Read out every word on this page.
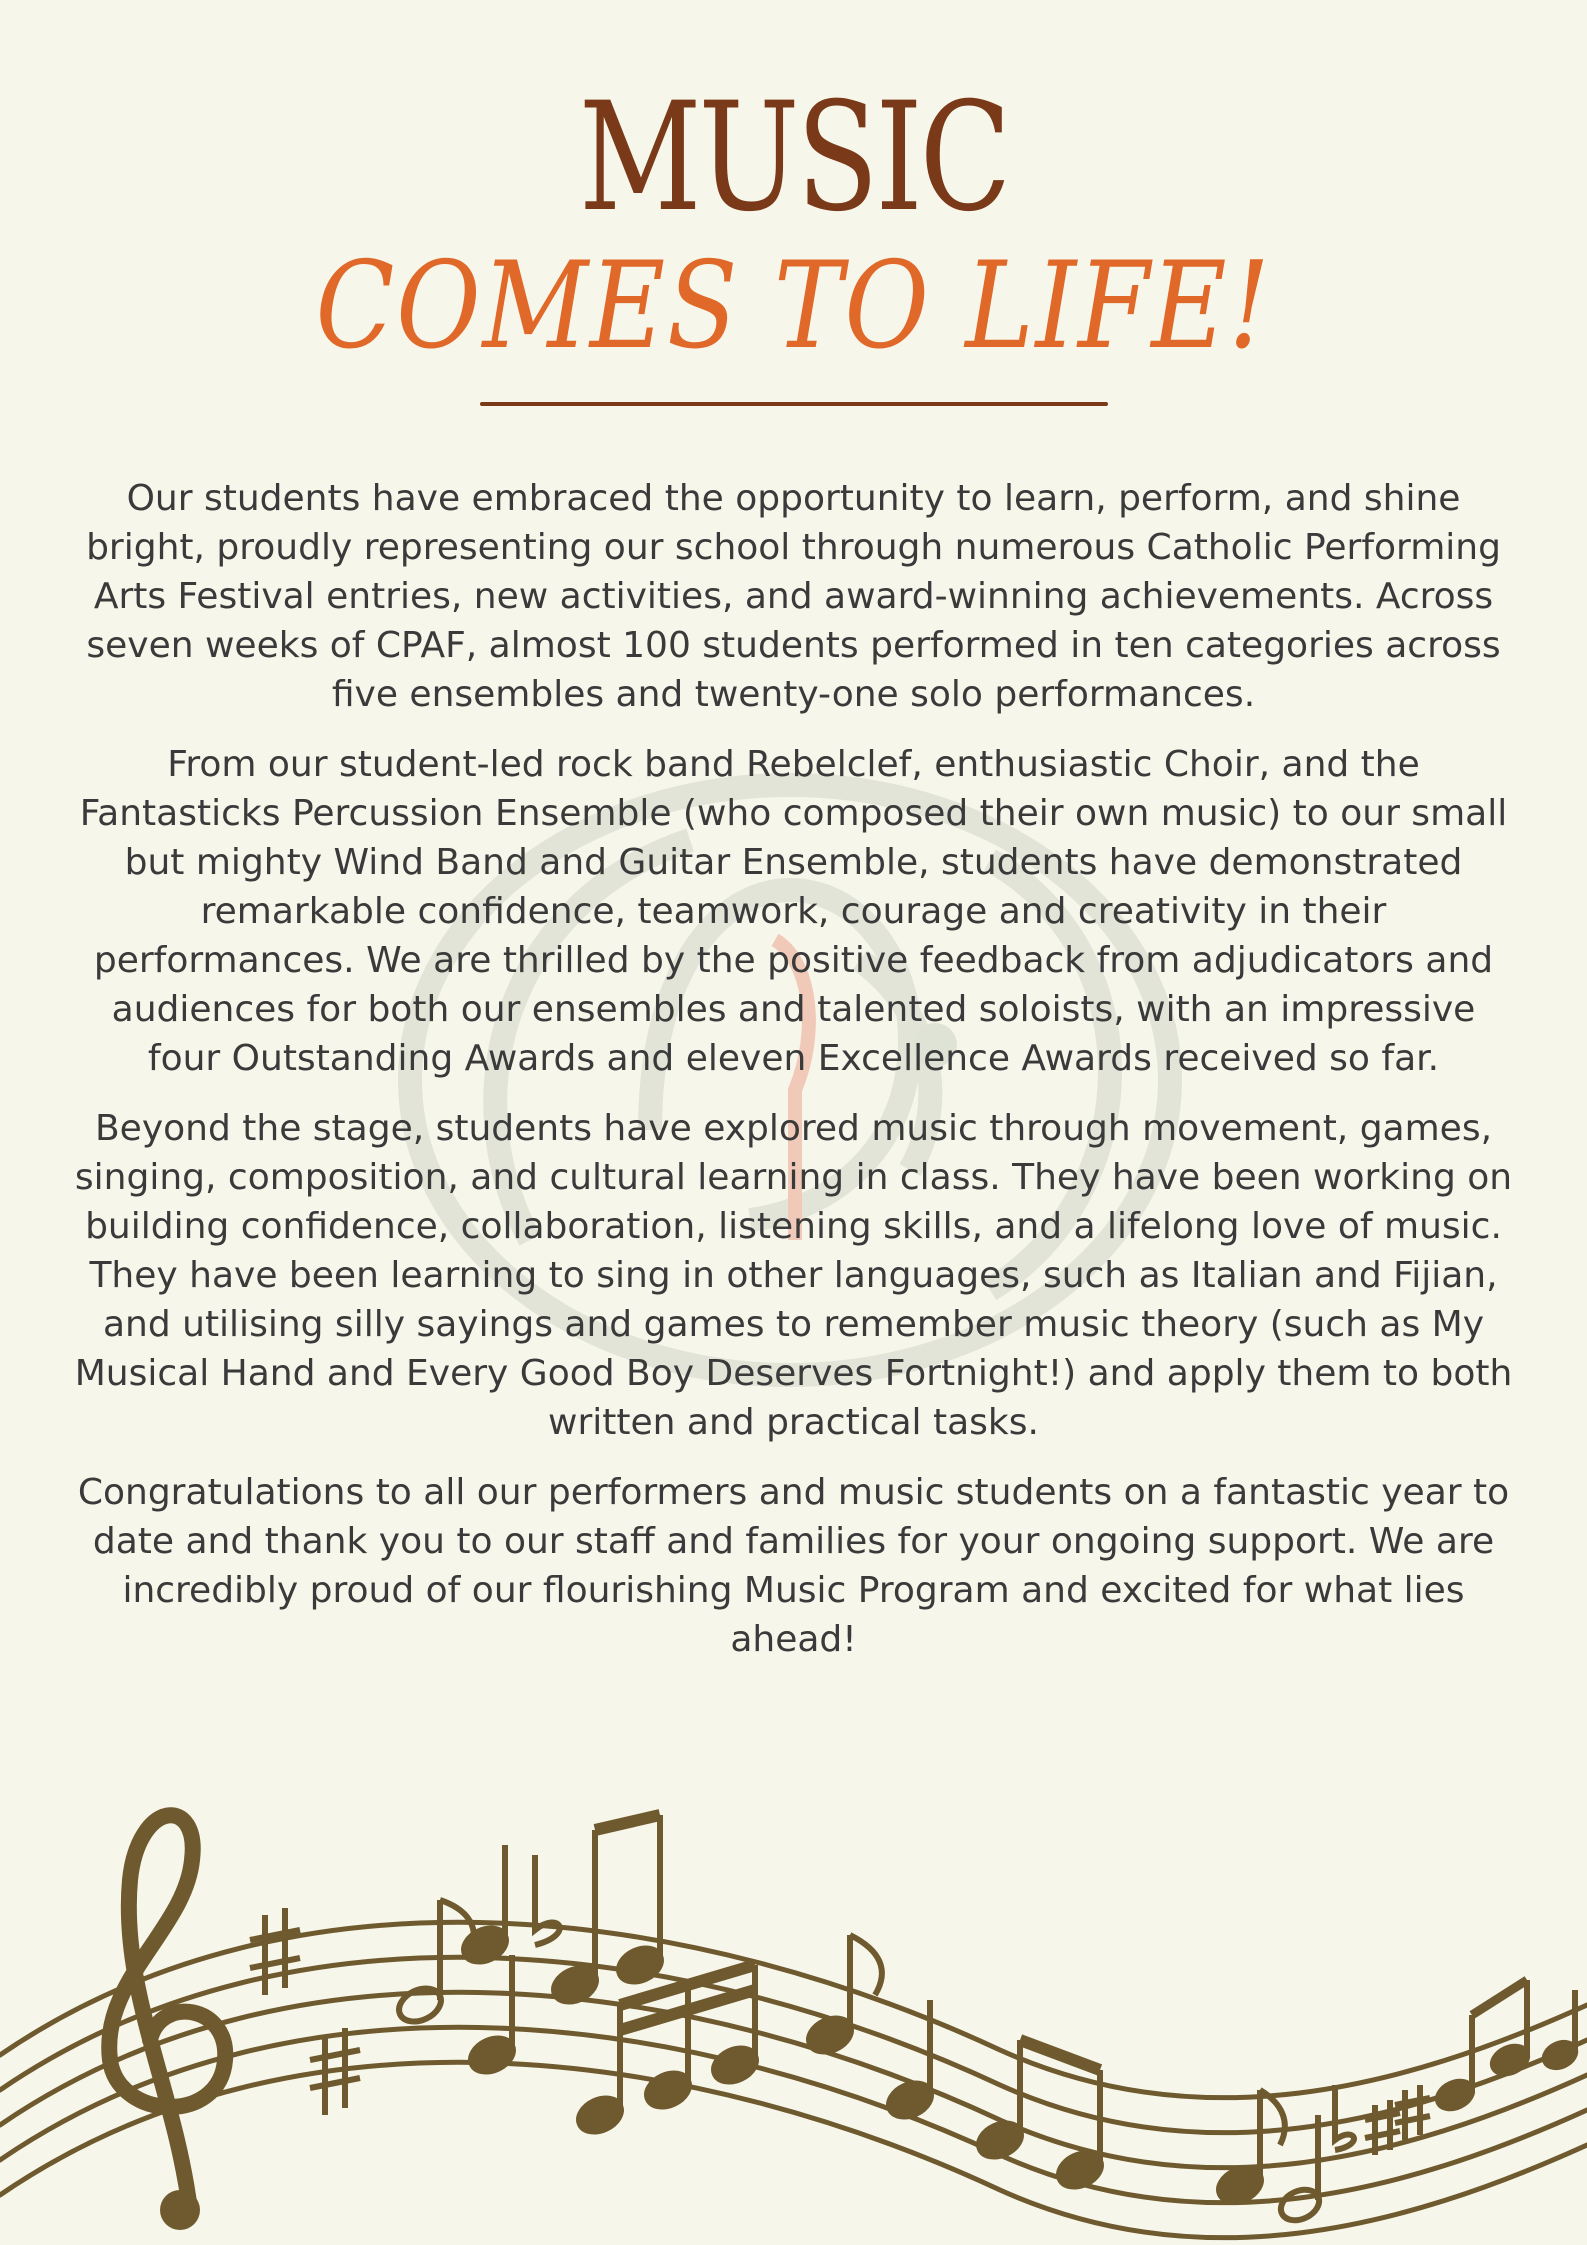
MUSIC
COMES TO LIFE!

Our students have embraced the opportunity to learn, perform, and shine bright, proudly representing our school through numerous Catholic Performing Arts Festival entries, new activities, and award-winning achievements. Across seven weeks of CPAF, almost 100 students performed in ten categories across five ensembles and twenty-one solo performances.

From our student-led rock band Rebelclef, enthusiastic Choir, and the Fantasticks Percussion Ensemble (who composed their own music) to our small but mighty Wind Band and Guitar Ensemble, students have demonstrated remarkable confidence, teamwork, courage and creativity in their performances. We are thrilled by the positive feedback from adjudicators and audiences for both our ensembles and talented soloists, with an impressive four Outstanding Awards and eleven Excellence Awards received so far.

Beyond the stage, students have explored music through movement, games, singing, composition, and cultural learning in class. They have been working on building confidence, collaboration, listening skills, and a lifelong love of music. They have been learning to sing in other languages, such as Italian and Fijian, and utilising silly sayings and games to remember music theory (such as My Musical Hand and Every Good Boy Deserves Fortnight!) and apply them to both written and practical tasks.

Congratulations to all our performers and music students on a fantastic year to date and thank you to our staff and families for your ongoing support. We are incredibly proud of our flourishing Music Program and excited for what lies ahead!
